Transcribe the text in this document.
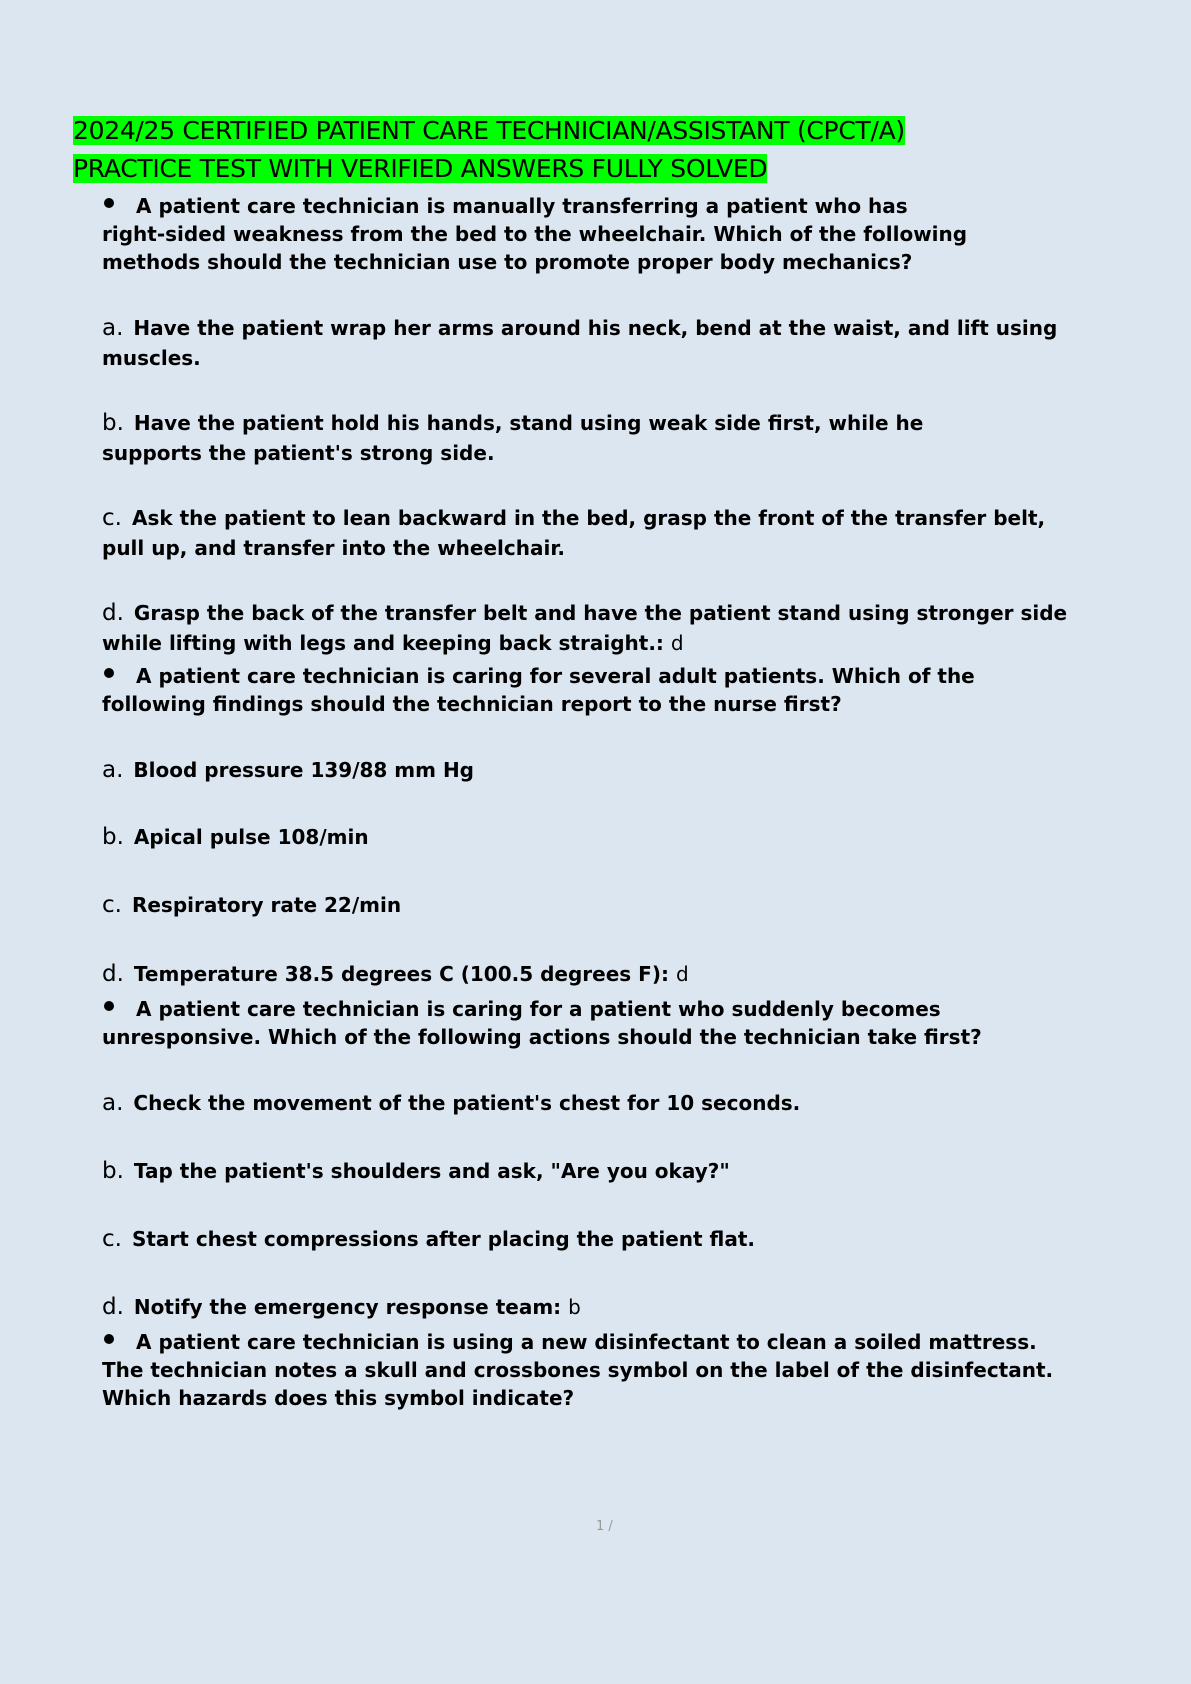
2024/25 CERTIFIED PATIENT CARE TECHNICIAN/ASSISTANT (CPCT/A)
PRACTICE TEST WITH VERIFIED ANSWERS FULLY SOLVED
A patient care technician is manually transferring a patient who has
right-sided weakness from the bed to the wheelchair. Which of the following
methods should the technician use to promote proper body mechanics?
a. Have the patient wrap her arms around his neck, bend at the waist, and lift using
muscles.
b. Have the patient hold his hands, stand using weak side first, while he
supports the patient's strong side.
c. Ask the patient to lean backward in the bed, grasp the front of the transfer belt,
pull up, and transfer into the wheelchair.
d. Grasp the back of the transfer belt and have the patient stand using stronger side
while lifting with legs and keeping back straight.: d
A patient care technician is caring for several adult patients. Which of the
following findings should the technician report to the nurse first?
a. Blood pressure 139/88 mm Hg
b. Apical pulse 108/min
c. Respiratory rate 22/min
d. Temperature 38.5 degrees C (100.5 degrees F): d
A patient care technician is caring for a patient who suddenly becomes
unresponsive. Which of the following actions should the technician take first?
a. Check the movement of the patient's chest for 10 seconds.
b. Tap the patient's shoulders and ask, "Are you okay?"
c. Start chest compressions after placing the patient flat.
d. Notify the emergency response team: b
A patient care technician is using a new disinfectant to clean a soiled mattress.
The technician notes a skull and crossbones symbol on the label of the disinfectant.
Which hazards does this symbol indicate?
1 /
